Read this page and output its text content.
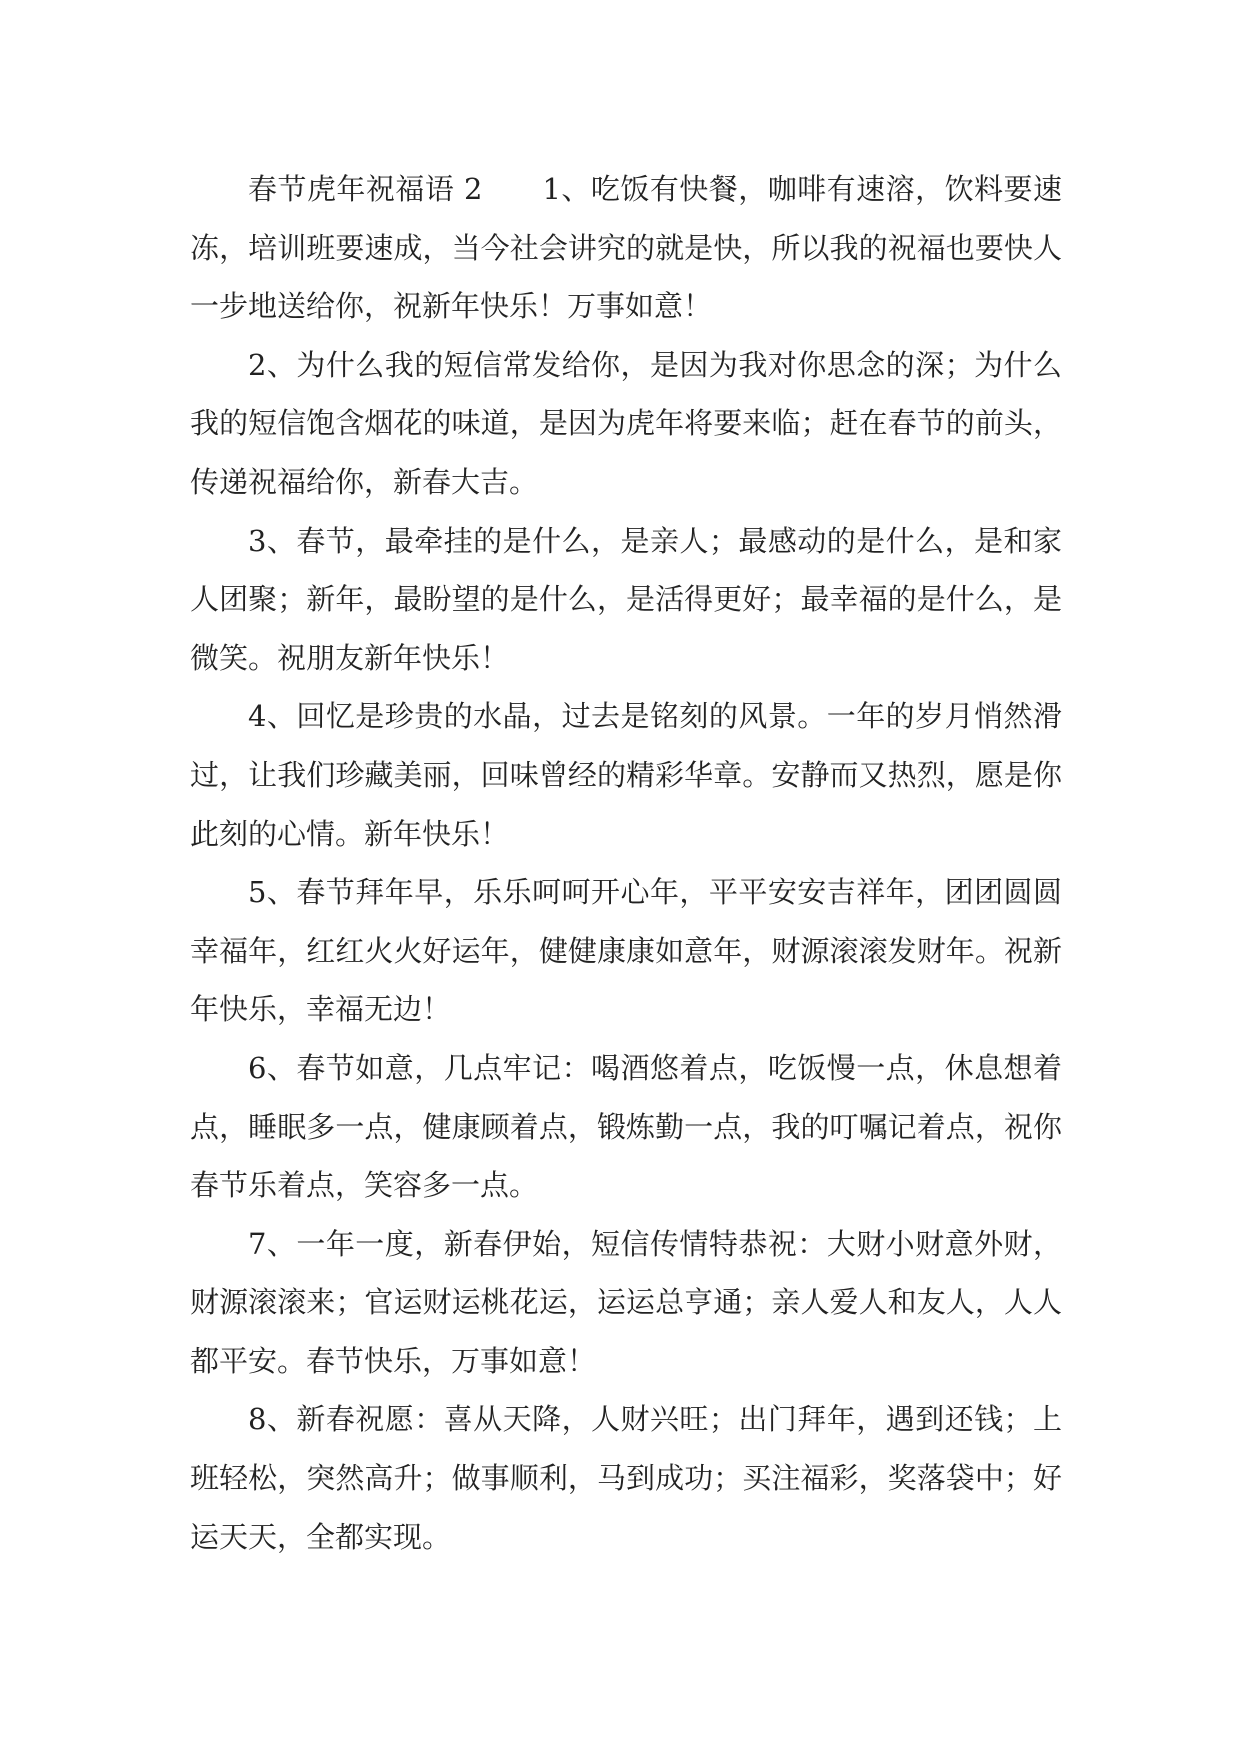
春节虎年祝福语 2 1、吃饭有快餐，咖啡有速溶，饮料要速冻，培训班要速成，当今社会讲究的就是快，所以我的祝福也要快人一步地送给你，祝新年快乐！万事如意！

2、为什么我的短信常发给你，是因为我对你思念的深；为什么我的短信饱含烟花的味道，是因为虎年将要来临；赶在春节的前头，传递祝福给你，新春大吉。

3、春节，最牵挂的是什么，是亲人；最感动的是什么，是和家人团聚；新年，最盼望的是什么，是活得更好；最幸福的是什么，是微笑。祝朋友新年快乐！

4、回忆是珍贵的水晶，过去是铭刻的风景。一年的岁月悄然滑过，让我们珍藏美丽，回味曾经的精彩华章。安静而又热烈，愿是你此刻的心情。新年快乐！

5、春节拜年早，乐乐呵呵开心年，平平安安吉祥年，团团圆圆幸福年，红红火火好运年，健健康康如意年，财源滚滚发财年。祝新年快乐，幸福无边！

6、春节如意，几点牢记：喝酒悠着点，吃饭慢一点，休息想着点，睡眠多一点，健康顾着点，锻炼勤一点，我的叮嘱记着点，祝你春节乐着点，笑容多一点。

7、一年一度，新春伊始，短信传情特恭祝：大财小财意外财，财源滚滚来；官运财运桃花运，运运总亨通；亲人爱人和友人，人人都平安。春节快乐，万事如意！

8、新春祝愿：喜从天降，人财兴旺；出门拜年，遇到还钱；上班轻松，突然高升；做事顺利，马到成功；买注福彩，奖落袋中；好运天天，全都实现。
